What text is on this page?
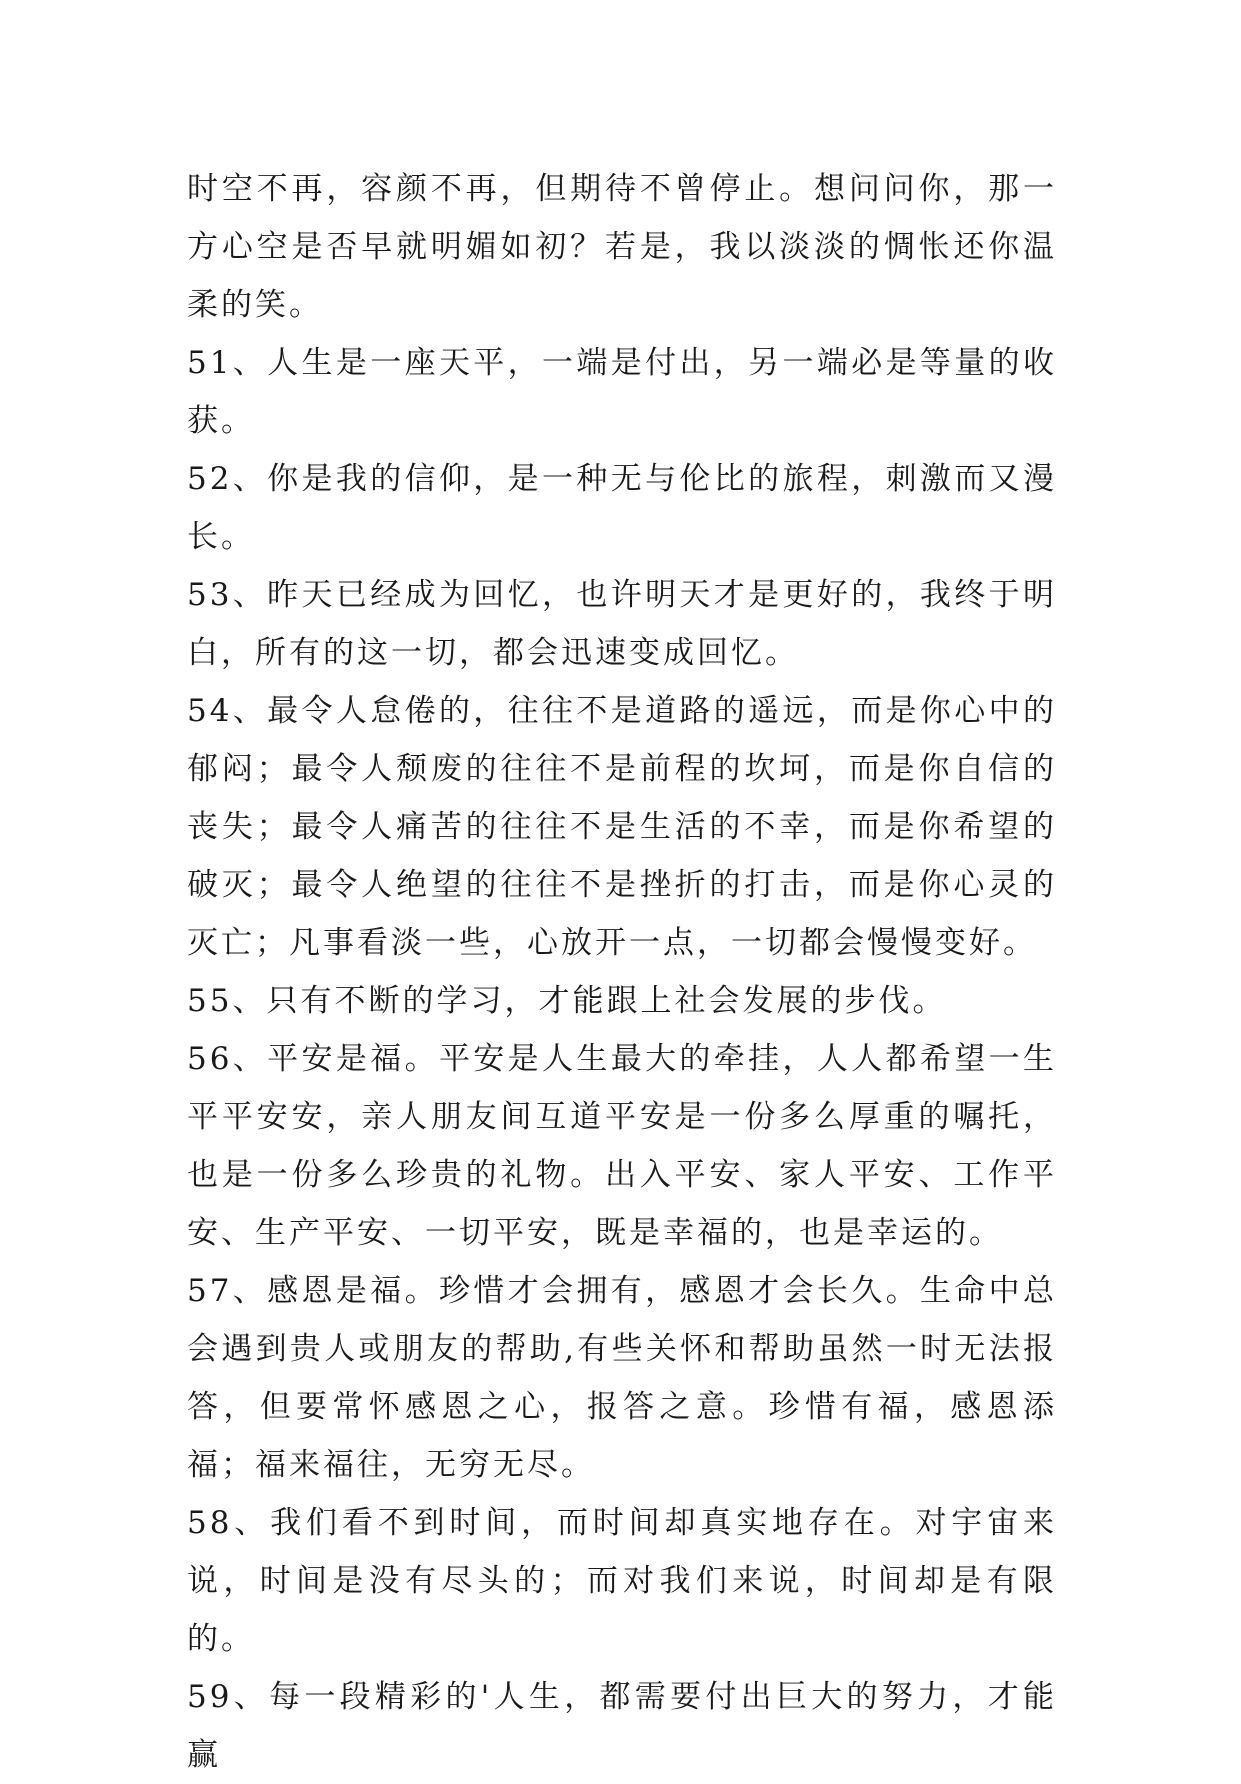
时空不再，容颜不再，但期待不曾停止。想问问你，那一方心空是否早就明媚如初？若是，我以淡淡的惆怅还你温柔的笑。

51、人生是一座天平，一端是付出，另一端必是等量的收获。

52、你是我的信仰，是一种无与伦比的旅程，刺激而又漫长。

53、昨天已经成为回忆，也许明天才是更好的，我终于明白，所有的这一切，都会迅速变成回忆。

54、最令人怠倦的，往往不是道路的遥远，而是你心中的郁闷；最令人颓废的往往不是前程的坎坷，而是你自信的丧失；最令人痛苦的往往不是生活的不幸，而是你希望的破灭；最令人绝望的往往不是挫折的打击，而是你心灵的灭亡；凡事看淡一些，心放开一点，一切都会慢慢变好。

55、只有不断的学习，才能跟上社会发展的步伐。

56、平安是福。平安是人生最大的牵挂，人人都希望一生平平安安，亲人朋友间互道平安是一份多么厚重的嘱托，也是一份多么珍贵的礼物。出入平安、家人平安、工作平安、生产平安、一切平安，既是幸福的，也是幸运的。

57、感恩是福。珍惜才会拥有，感恩才会长久。生命中总会遇到贵人或朋友的帮助,有些关怀和帮助虽然一时无法报答，但要常怀感恩之心，报答之意。珍惜有福，感恩添福；福来福往，无穷无尽。

58、我们看不到时间，而时间却真实地存在。对宇宙来说，时间是没有尽头的；而对我们来说，时间却是有限的。

59、每一段精彩的'人生，都需要付出巨大的努力，才能赢
